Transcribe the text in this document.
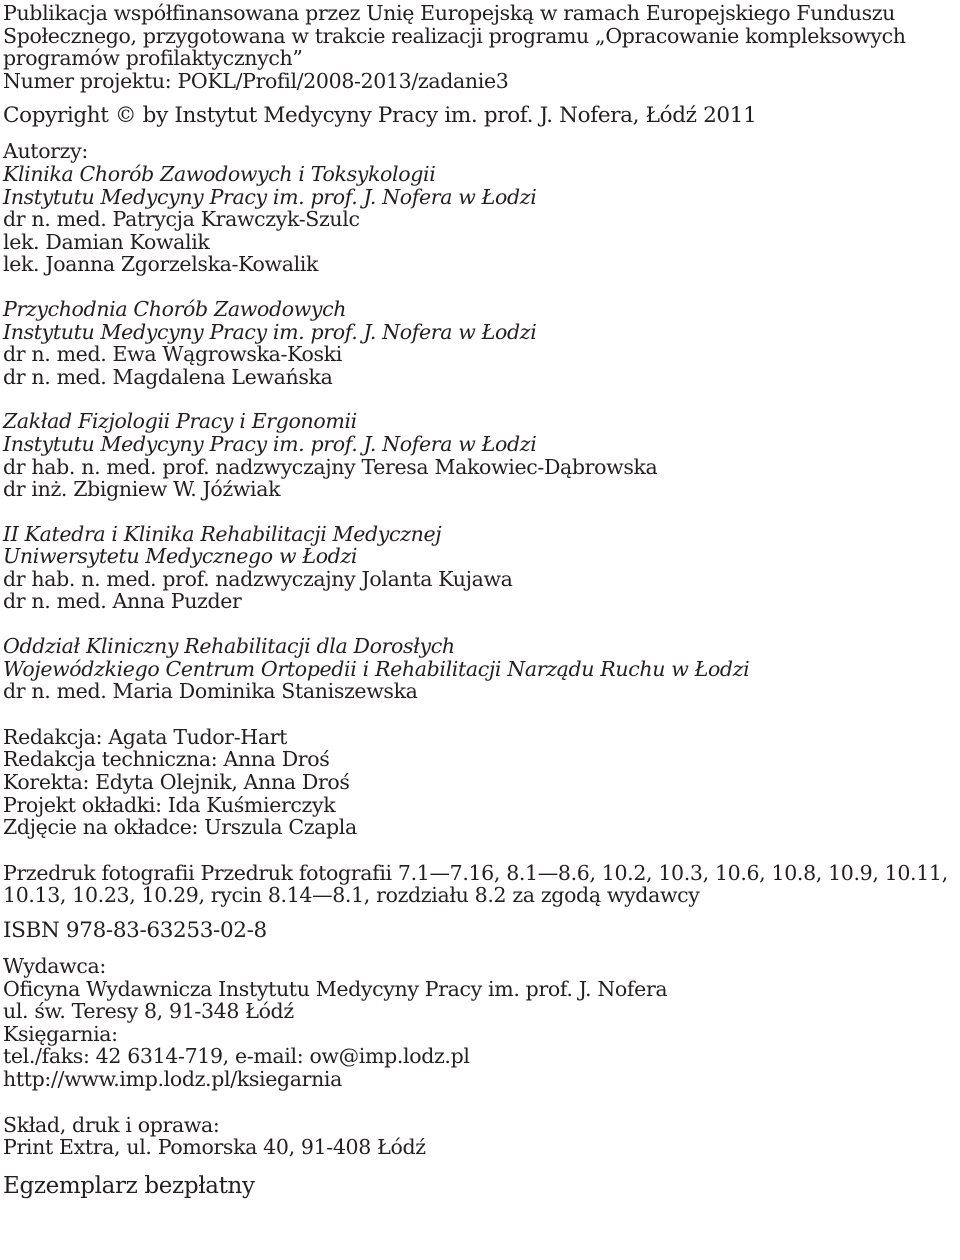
Publikacja współfinansowana przez Unię Europejską w ramach Europejskiego Funduszu
Społecznego, przygotowana w trakcie realizacji programu „Opracowanie kompleksowych
programów profilaktycznych”
Numer projektu: POKL/Profil/2008-2013/zadanie3
Copyright © by Instytut Medycyny Pracy im. prof. J. Nofera, Łódź 2011
Autorzy:
Klinika Chorób Zawodowych i Toksykologii
Instytutu Medycyny Pracy im. prof. J. Nofera w Łodzi
dr n. med. Patrycja Krawczyk-Szulc
lek. Damian Kowalik
lek. Joanna Zgorzelska-Kowalik
Przychodnia Chorób Zawodowych
Instytutu Medycyny Pracy im. prof. J. Nofera w Łodzi
dr n. med. Ewa Wągrowska-Koski
dr n. med. Magdalena Lewańska
Zakład Fizjologii Pracy i Ergonomii
Instytutu Medycyny Pracy im. prof. J. Nofera w Łodzi
dr hab. n. med. prof. nadzwyczajny Teresa Makowiec-Dąbrowska
dr inż. Zbigniew W. Jóźwiak
II Katedra i Klinika Rehabilitacji Medycznej
Uniwersytetu Medycznego w Łodzi
dr hab. n. med. prof. nadzwyczajny Jolanta Kujawa
dr n. med. Anna Puzder
Oddział Kliniczny Rehabilitacji dla Dorosłych
Wojewódzkiego Centrum Ortopedii i Rehabilitacji Narządu Ruchu w Łodzi
dr n. med. Maria Dominika Staniszewska
Redakcja: Agata Tudor-Hart
Redakcja techniczna: Anna Droś
Korekta: Edyta Olejnik, Anna Droś
Projekt okładki: Ida Kuśmierczyk
Zdjęcie na okładce: Urszula Czapla
Przedruk fotografii Przedruk fotografii 7.1—7.16, 8.1—8.6, 10.2, 10.3, 10.6, 10.8, 10.9, 10.11,
10.13, 10.23, 10.29, rycin 8.14—8.1, rozdziału 8.2 za zgodą wydawcy
ISBN 978-83-63253-02-8
Wydawca:
Oficyna Wydawnicza Instytutu Medycyny Pracy im. prof. J. Nofera
ul. św. Teresy 8, 91-348 Łódź
Księgarnia:
tel./faks: 42 6314-719, e-mail: ow@imp.lodz.pl
http://www.imp.lodz.pl/ksiegarnia
Skład, druk i oprawa:
Print Extra, ul. Pomorska 40, 91-408 Łódź
Egzemplarz bezpłatny
